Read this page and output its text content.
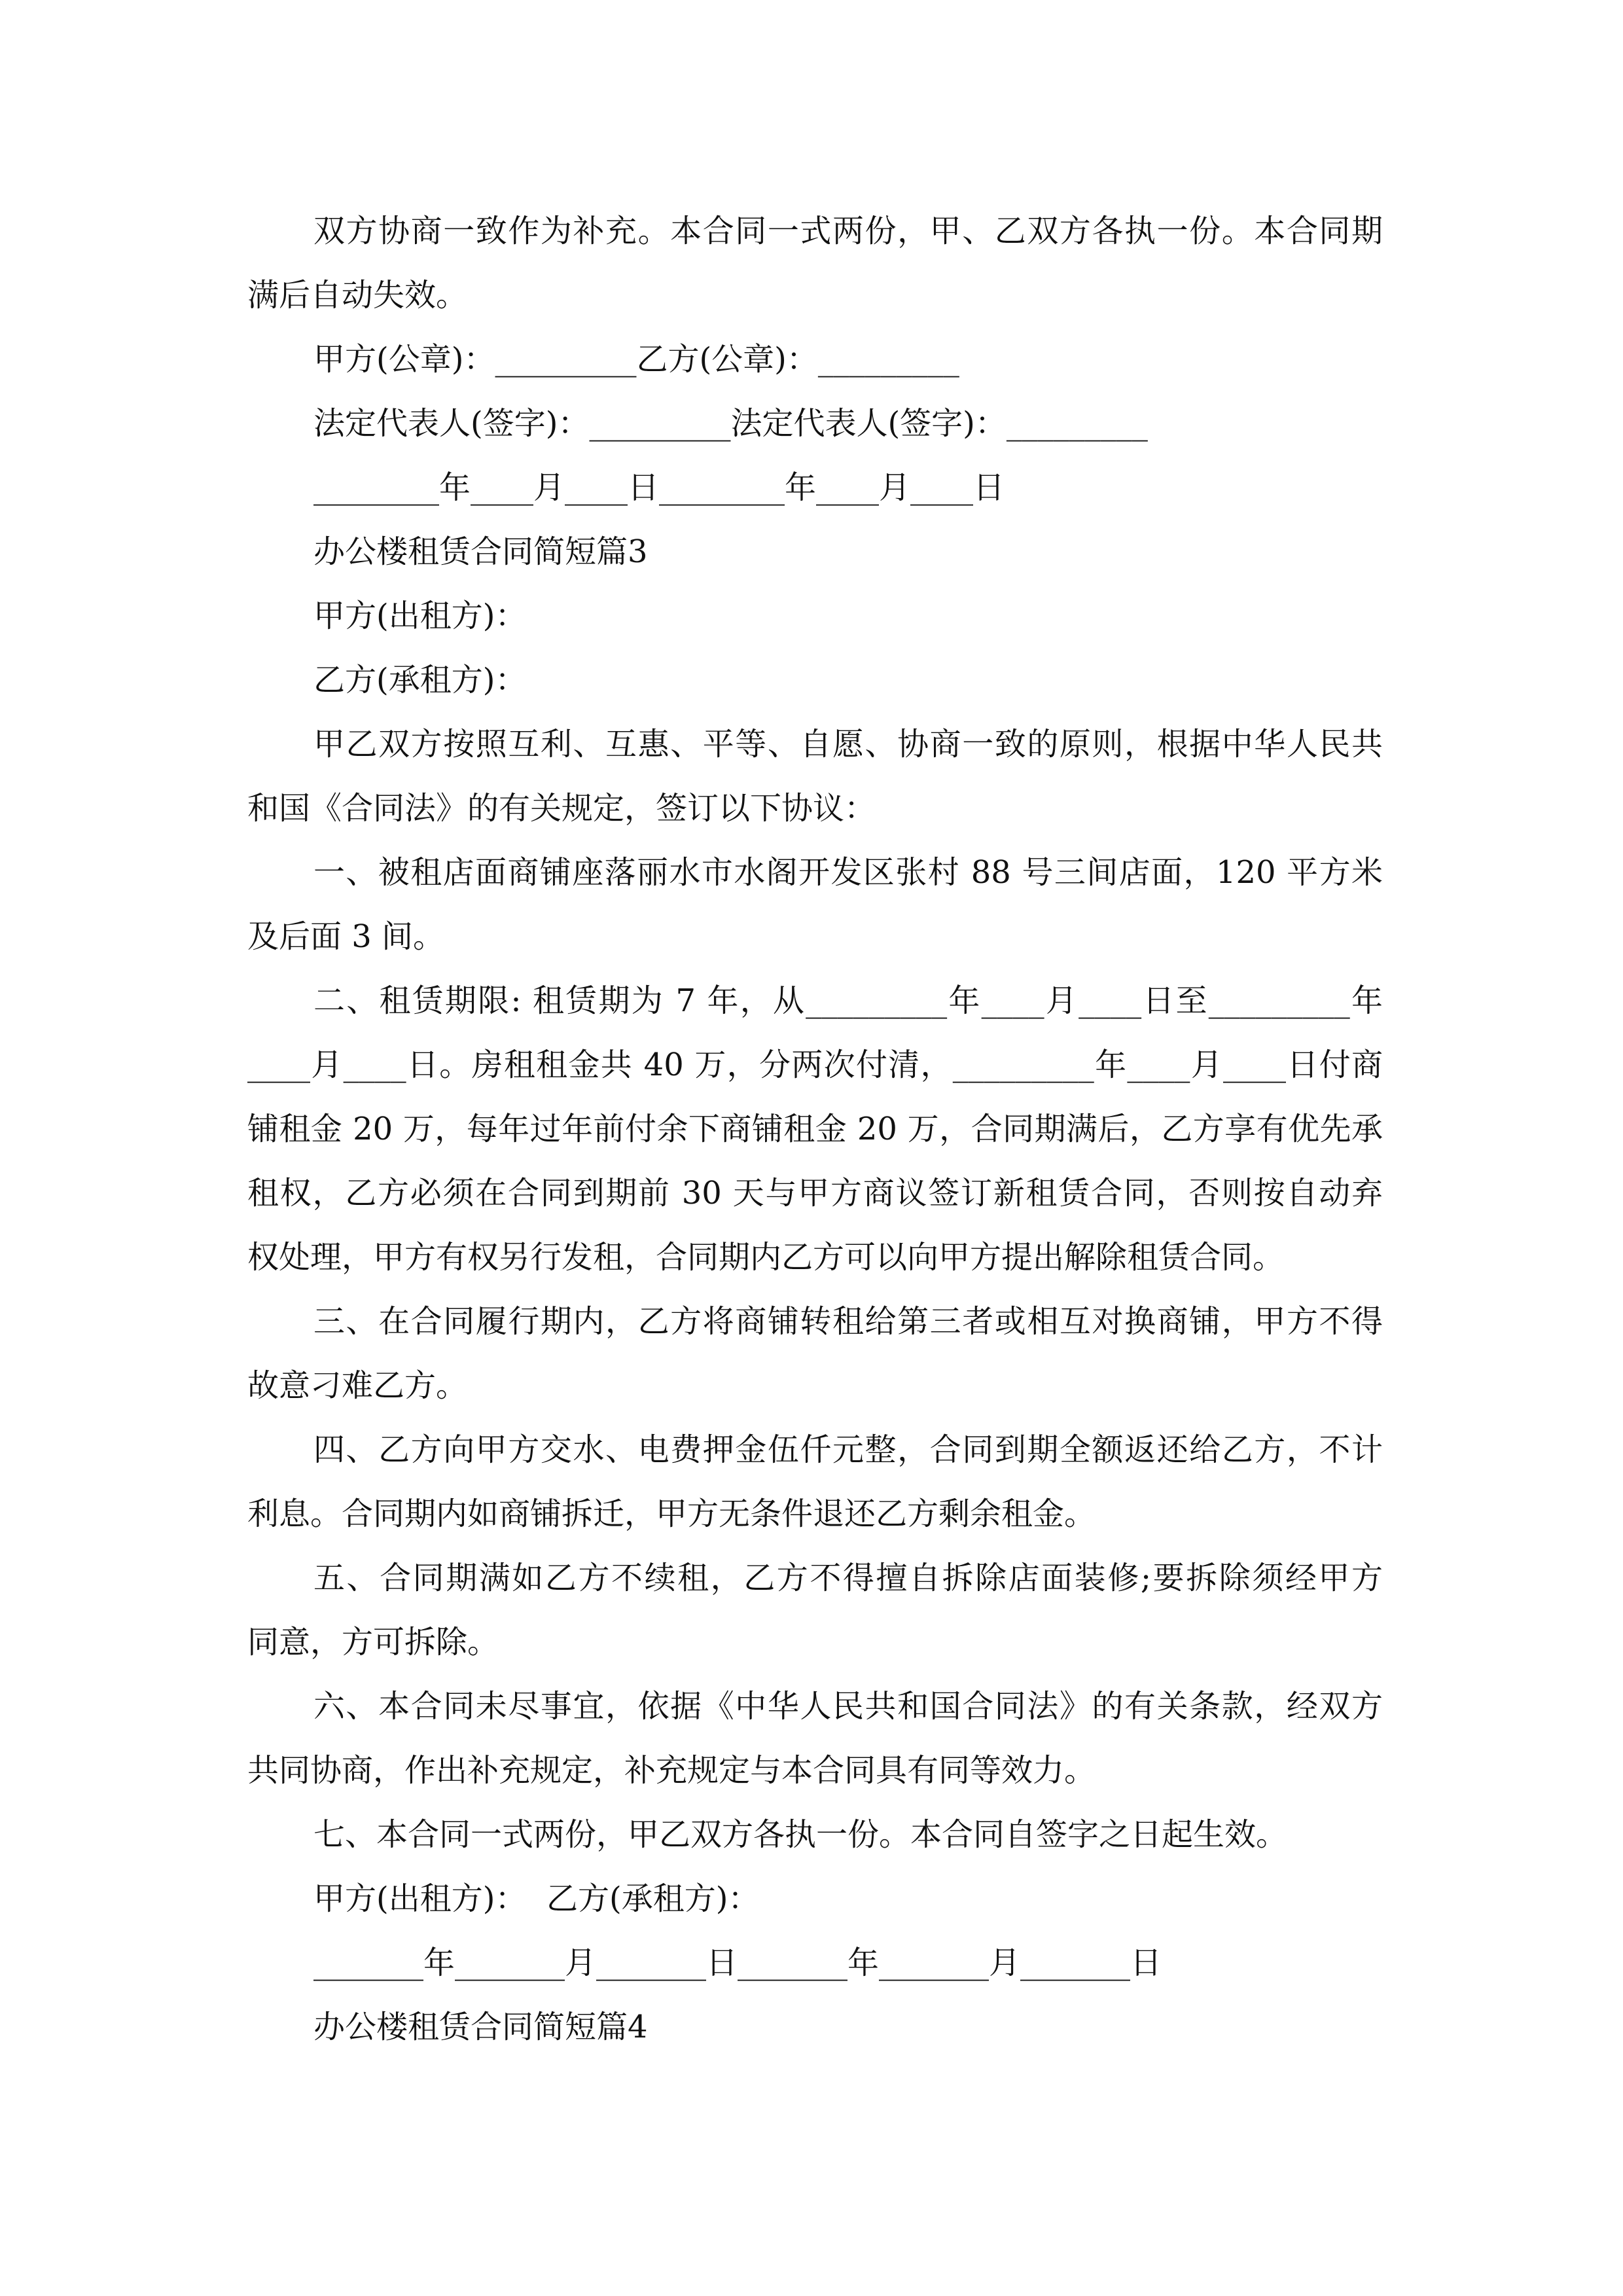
双方协商一致作为补充。本合同一式两份，甲、乙双方各执一份。本合同期
满后自动失效。
甲方(公章)：_________乙方(公章)：_________
法定代表人(签字)：_________法定代表人(签字)：_________
________年____月____日________年____月____日
办公楼租赁合同简短篇3
甲方(出租方)：
乙方(承租方)：
甲乙双方按照互利、互惠、平等、自愿、协商一致的原则，根据中华人民共
和国《合同法》的有关规定，签订以下协议：
一、被租店面商铺座落丽水市水阁开发区张村 88 号三间店面，120 平方米
及后面 3 间。
二、租赁期限: 租赁期为 7 年，从_________年____月____日至_________年
____月____日。房租租金共 40 万，分两次付清，_________年____月____日付商
铺租金 20 万，每年过年前付余下商铺租金 20 万，合同期满后，乙方享有优先承
租权，乙方必须在合同到期前 30 天与甲方商议签订新租赁合同，否则按自动弃
权处理，甲方有权另行发租，合同期内乙方可以向甲方提出解除租赁合同。
三、在合同履行期内，乙方将商铺转租给第三者或相互对换商铺，甲方不得
故意刁难乙方。
四、乙方向甲方交水、电费押金伍仟元整，合同到期全额返还给乙方，不计
利息。合同期内如商铺拆迁，甲方无条件退还乙方剩余租金。
五、合同期满如乙方不续租，乙方不得擅自拆除店面装修;要拆除须经甲方
同意，方可拆除。
六、本合同未尽事宜，依据《中华人民共和国合同法》的有关条款，经双方
共同协商，作出补充规定，补充规定与本合同具有同等效力。
七、本合同一式两份，甲乙双方各执一份。本合同自签字之日起生效。
甲方(出租方)：  乙方(承租方)：
_______年_______月_______日_______年_______月_______日
办公楼租赁合同简短篇4
